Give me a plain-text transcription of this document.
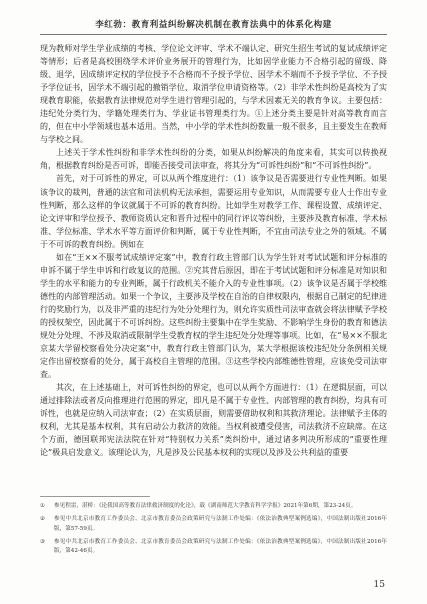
李红勃：教育利益纠纷解决机制在教育法典中的体系化构建

现为教师对学生学业成绩的考核、学位论文评审、学术不端认定、研究生招生考试的复试成绩评定等情形；后者是高校围绕学术评价业务展开的管理行为，比如因学业能力不合格引起的留级、降级、退学，因成绩评定权的学位授予不合格而不予授予学位、因学术不端而不予授予学位、不予授予学位证书，因学术不端引起的撤销学位、取消学位申请资格等。（2）非学术性纠纷是高校为了实现教育职能，依据教育法律规范对学生进行管理引起的，与学术因素无关的教育争议。主要包括：违纪处分类行为、学籍处理类行为、学业证书管理类行为。①上述分类主要是针对高等教育而言的，但在中小学领域也基本适用。当然，中小学的学术性纠纷数量一般不很多，且主要发生在教师与学校之间。

上述关于学术性纠纷和非学术性纠纷的分类，如果从纠纷解决的角度来看，其实可以转换视角，根据教育纠纷是否可诉，即能否接受司法审查，将其分为“可诉性纠纷”和“不可诉性纠纷”。

首先，对于可诉性的界定，可以从两个维度进行：（1）该争议是否需要进行专业性判断。如果该争议的裁判，普通的法官和司法机构无法承担，需要运用专业知识，从而需要专业人士作出专业性判断，那么这样的争议就属于不可诉的教育纠纷。比如学生对教学工作、课程设置、成绩评定、论文评审和学位授予、教师资质认定和晋升过程中的同行评议等纠纷，主要涉及教育标准、学术标准、学位标准、学术水平等方面评价和判断，属于专业性判断，不宜由司法专业之外的领域。不属于不可诉的教育纠纷。例如在

如在“王××不服考试成绩评定案”中，教育行政主管部门认为学生针对考试试题和评分标准的申诉不属于学生申诉和行政复议的范围。②究其背后原因，即在于考试试题和评分标准是对知识和学生的水平和能力的专业判断，属于行政机关不能介入的专业性事项。（2）该争议是否属于学校维德性的内部管理活动。如果一个争议，主要涉及学校在自治的自律权限内，根据自己制定的纪律进行的奖励行为，以及非严重的违纪行为处分处理行为，则允许实质性司法审查就会将法律赋予学校的授权架空，因此属于不可诉纠纷。这些纠纷主要集中在学生奖励、不影响学生身份的教育和德法规处分处理、不涉及取消或限制学生受教育权的学生违纪处分处理等事项。比如，在“易××不服北京某大学留校察看处分决定案”中，教育行政主管部门认为，某大学根据该校违纪处分条例相关规定作出留校察看的处分，属于高校自主管理的范围。③这些学校内部维德性管理，应该免受司法审查。

其次，在上述基础上，对可诉性纠纷的界定，也可以从两个方面进行：（1）在逻辑层面，可以通过排除法或者反向推理进行范围的界定，即凡是不属于专业性、内部管理的教育纠纷，均具有可诉性，也就是应纳入司法审查；（2）在实质层面，则需要借助权利和其救济理论。法律赋予主体的权利，尤其是基本权利，其有启动公力救济的效能。当权利被遭受侵害，司法救济不应缺席。在这个方面，德国联邦宪法法院在针对“特别权力关系”类纠纷中，通过诸多判决所形成的“重要性理论”极具启发意义。该理论认为，凡是涉及公民基本权利的实现以及涉及公共利益的重要

①	参见程雷，湛桥：《论我国高等教育法律救济制度的化论》，载《湖南师范大学教育科学学报》2021年第6期，第23-24页。
②	参见中共北京市教育工作委员会、北京市教育委员会政策研究与法制工作处编：《依法治教典型案例选编》，中国法制出版社2016年版，第57-59页。
③	参见中共北京市教育工作委员会、北京市教育委员会政策研究与法制工作处编：《依法治教典型案例选编》，中国法制出版社2016年版，第42-46页。
15
